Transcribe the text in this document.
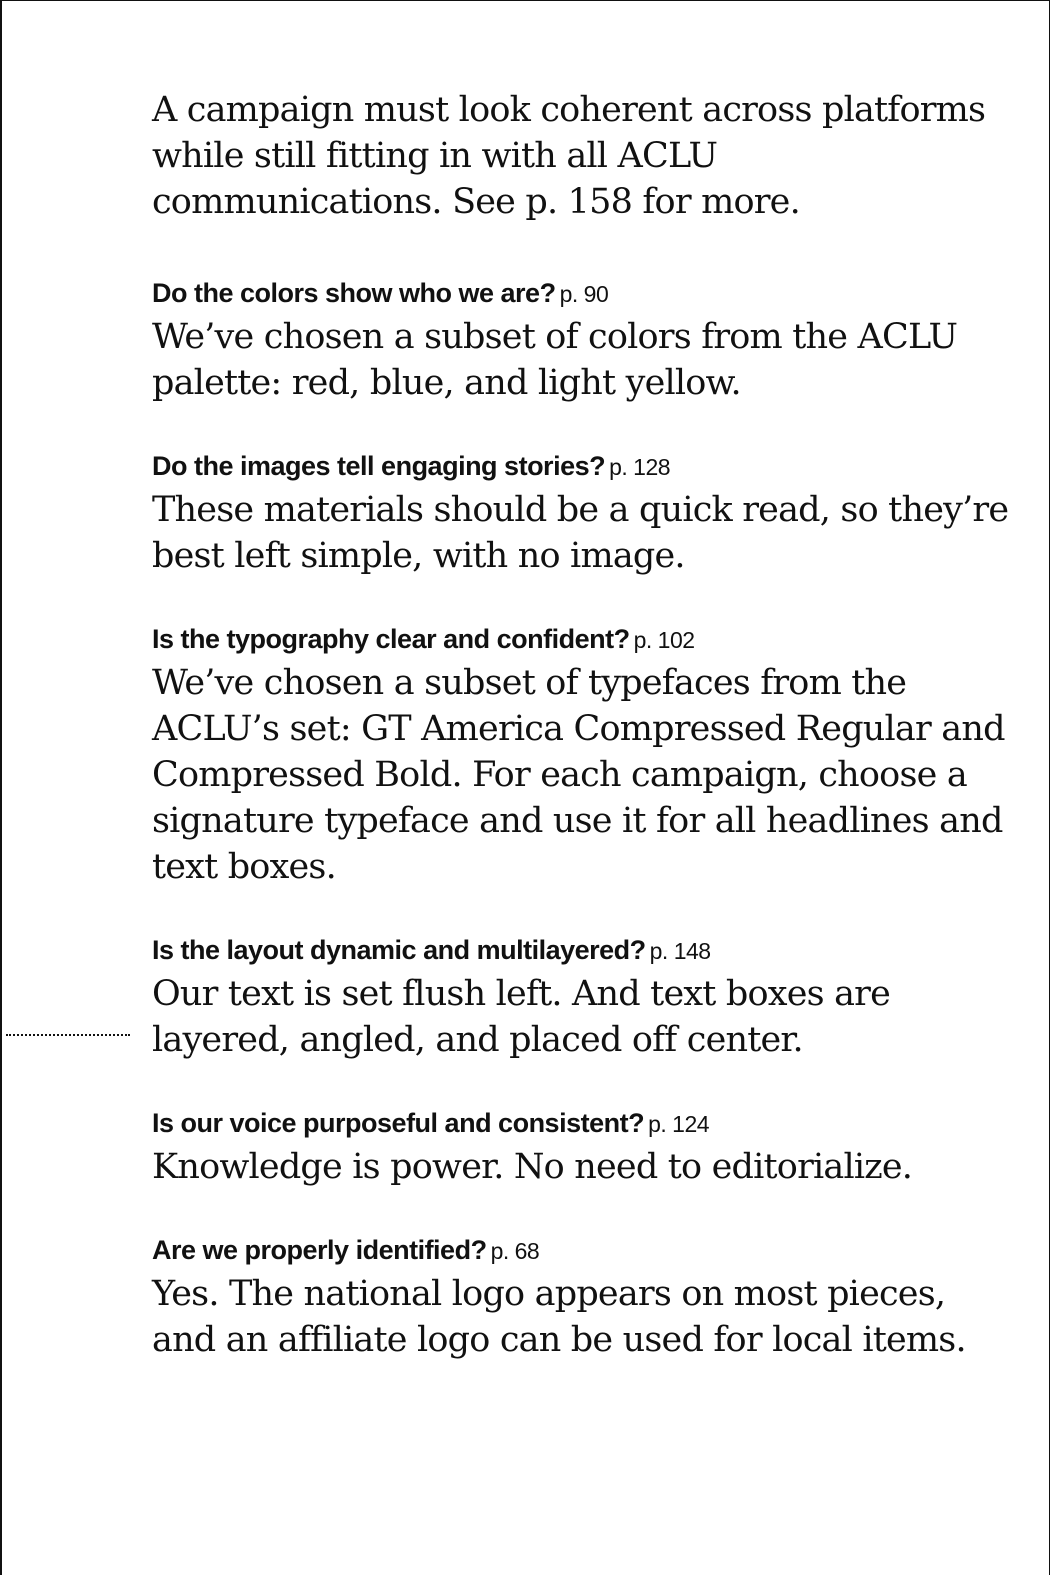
A campaign must look coherent across platforms while still fitting in with all ACLU communications. See p. 158 for more.

Do the colors show who we are? p. 90

We’ve chosen a subset of colors from the ACLU palette: red, blue, and light yellow.

Do the images tell engaging stories? p. 128

These materials should be a quick read, so they’re best left simple, with no image.

Is the typography clear and confident? p. 102

We’ve chosen a subset of typefaces from the ACLU’s set: GT America Compressed Regular and Compressed Bold. For each campaign, choose a signature typeface and use it for all headlines and text boxes.

Is the layout dynamic and multilayered? p. 148

Our text is set flush left. And text boxes are layered, angled, and placed off center.

Is our voice purposeful and consistent? p. 124

Knowledge is power. No need to editorialize.

Are we properly identified? p. 68

Yes. The national logo appears on most pieces, and an affiliate logo can be used for local items.
